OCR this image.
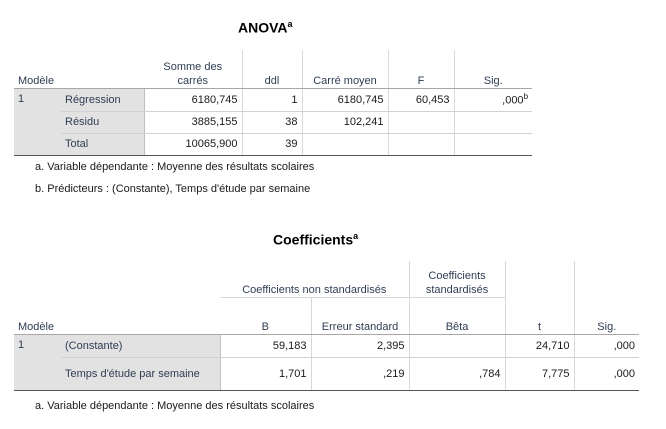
ANOVA$^a$
Modèle		Somme des carrés	ddl	Carré moyen	F	Sig.
1	Régression	6180,745	1	6180,745	60,453	,000$^b$
	Résidu	3885,155	38	102,241		
	Total	10065,900	39			
a. Variable dépendante : Moyenne des résultats scolaires
b. Prédicteurs : (Constante), Temps d'étude par semaine
Coefficients$^a$
Modèle		Coefficients non standardisés		Coefficients standardisés	t	Sig.
		B	Erreur standard	Bêta		
1	(Constante)	59,183	2,395		24,710	,000
	Temps d'étude par semaine	1,701	,219	,784	7,775	,000
a. Variable dépendante : Moyenne des résultats scolaires
